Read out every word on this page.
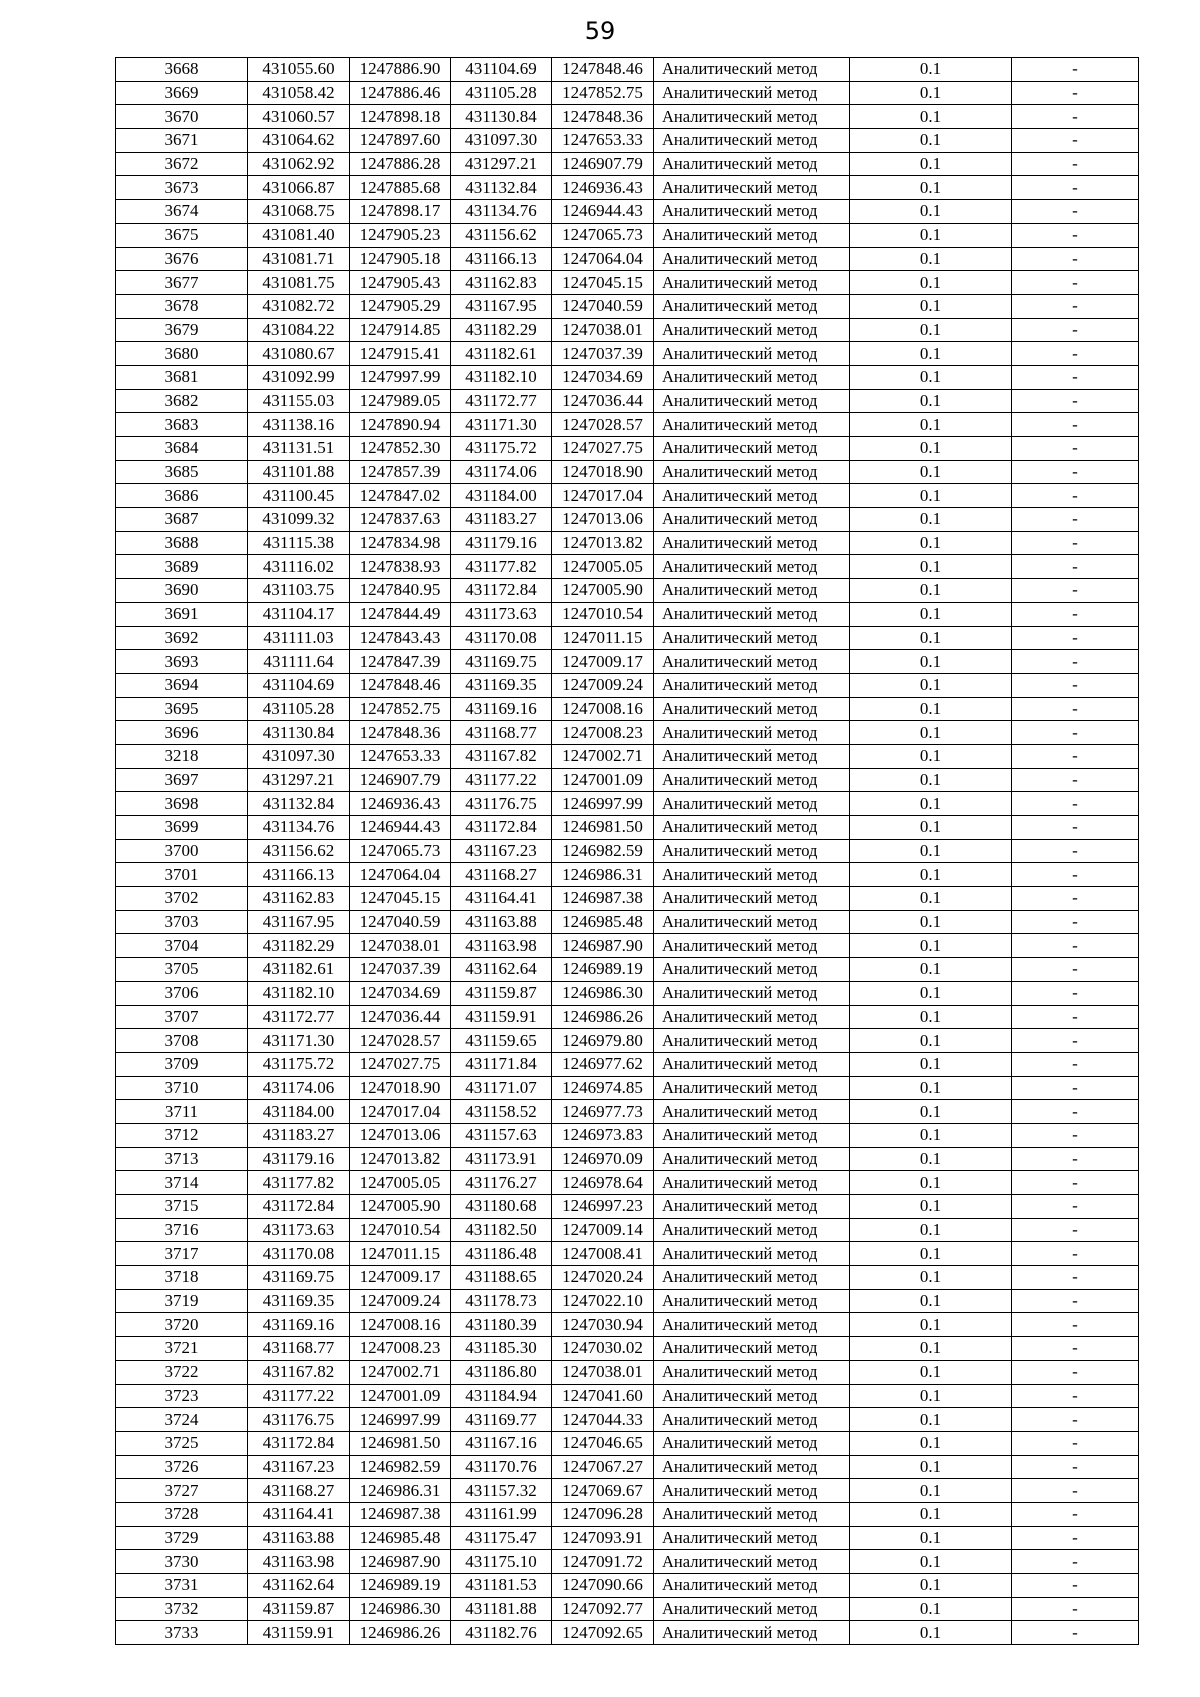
59
3668	431055.60	1247886.90	431104.69	1247848.46	Аналитический метод	0.1	-
3669	431058.42	1247886.46	431105.28	1247852.75	Аналитический метод	0.1	-
3670	431060.57	1247898.18	431130.84	1247848.36	Аналитический метод	0.1	-
3671	431064.62	1247897.60	431097.30	1247653.33	Аналитический метод	0.1	-
3672	431062.92	1247886.28	431297.21	1246907.79	Аналитический метод	0.1	-
3673	431066.87	1247885.68	431132.84	1246936.43	Аналитический метод	0.1	-
3674	431068.75	1247898.17	431134.76	1246944.43	Аналитический метод	0.1	-
3675	431081.40	1247905.23	431156.62	1247065.73	Аналитический метод	0.1	-
3676	431081.71	1247905.18	431166.13	1247064.04	Аналитический метод	0.1	-
3677	431081.75	1247905.43	431162.83	1247045.15	Аналитический метод	0.1	-
3678	431082.72	1247905.29	431167.95	1247040.59	Аналитический метод	0.1	-
3679	431084.22	1247914.85	431182.29	1247038.01	Аналитический метод	0.1	-
3680	431080.67	1247915.41	431182.61	1247037.39	Аналитический метод	0.1	-
3681	431092.99	1247997.99	431182.10	1247034.69	Аналитический метод	0.1	-
3682	431155.03	1247989.05	431172.77	1247036.44	Аналитический метод	0.1	-
3683	431138.16	1247890.94	431171.30	1247028.57	Аналитический метод	0.1	-
3684	431131.51	1247852.30	431175.72	1247027.75	Аналитический метод	0.1	-
3685	431101.88	1247857.39	431174.06	1247018.90	Аналитический метод	0.1	-
3686	431100.45	1247847.02	431184.00	1247017.04	Аналитический метод	0.1	-
3687	431099.32	1247837.63	431183.27	1247013.06	Аналитический метод	0.1	-
3688	431115.38	1247834.98	431179.16	1247013.82	Аналитический метод	0.1	-
3689	431116.02	1247838.93	431177.82	1247005.05	Аналитический метод	0.1	-
3690	431103.75	1247840.95	431172.84	1247005.90	Аналитический метод	0.1	-
3691	431104.17	1247844.49	431173.63	1247010.54	Аналитический метод	0.1	-
3692	431111.03	1247843.43	431170.08	1247011.15	Аналитический метод	0.1	-
3693	431111.64	1247847.39	431169.75	1247009.17	Аналитический метод	0.1	-
3694	431104.69	1247848.46	431169.35	1247009.24	Аналитический метод	0.1	-
3695	431105.28	1247852.75	431169.16	1247008.16	Аналитический метод	0.1	-
3696	431130.84	1247848.36	431168.77	1247008.23	Аналитический метод	0.1	-
3218	431097.30	1247653.33	431167.82	1247002.71	Аналитический метод	0.1	-
3697	431297.21	1246907.79	431177.22	1247001.09	Аналитический метод	0.1	-
3698	431132.84	1246936.43	431176.75	1246997.99	Аналитический метод	0.1	-
3699	431134.76	1246944.43	431172.84	1246981.50	Аналитический метод	0.1	-
3700	431156.62	1247065.73	431167.23	1246982.59	Аналитический метод	0.1	-
3701	431166.13	1247064.04	431168.27	1246986.31	Аналитический метод	0.1	-
3702	431162.83	1247045.15	431164.41	1246987.38	Аналитический метод	0.1	-
3703	431167.95	1247040.59	431163.88	1246985.48	Аналитический метод	0.1	-
3704	431182.29	1247038.01	431163.98	1246987.90	Аналитический метод	0.1	-
3705	431182.61	1247037.39	431162.64	1246989.19	Аналитический метод	0.1	-
3706	431182.10	1247034.69	431159.87	1246986.30	Аналитический метод	0.1	-
3707	431172.77	1247036.44	431159.91	1246986.26	Аналитический метод	0.1	-
3708	431171.30	1247028.57	431159.65	1246979.80	Аналитический метод	0.1	-
3709	431175.72	1247027.75	431171.84	1246977.62	Аналитический метод	0.1	-
3710	431174.06	1247018.90	431171.07	1246974.85	Аналитический метод	0.1	-
3711	431184.00	1247017.04	431158.52	1246977.73	Аналитический метод	0.1	-
3712	431183.27	1247013.06	431157.63	1246973.83	Аналитический метод	0.1	-
3713	431179.16	1247013.82	431173.91	1246970.09	Аналитический метод	0.1	-
3714	431177.82	1247005.05	431176.27	1246978.64	Аналитический метод	0.1	-
3715	431172.84	1247005.90	431180.68	1246997.23	Аналитический метод	0.1	-
3716	431173.63	1247010.54	431182.50	1247009.14	Аналитический метод	0.1	-
3717	431170.08	1247011.15	431186.48	1247008.41	Аналитический метод	0.1	-
3718	431169.75	1247009.17	431188.65	1247020.24	Аналитический метод	0.1	-
3719	431169.35	1247009.24	431178.73	1247022.10	Аналитический метод	0.1	-
3720	431169.16	1247008.16	431180.39	1247030.94	Аналитический метод	0.1	-
3721	431168.77	1247008.23	431185.30	1247030.02	Аналитический метод	0.1	-
3722	431167.82	1247002.71	431186.80	1247038.01	Аналитический метод	0.1	-
3723	431177.22	1247001.09	431184.94	1247041.60	Аналитический метод	0.1	-
3724	431176.75	1246997.99	431169.77	1247044.33	Аналитический метод	0.1	-
3725	431172.84	1246981.50	431167.16	1247046.65	Аналитический метод	0.1	-
3726	431167.23	1246982.59	431170.76	1247067.27	Аналитический метод	0.1	-
3727	431168.27	1246986.31	431157.32	1247069.67	Аналитический метод	0.1	-
3728	431164.41	1246987.38	431161.99	1247096.28	Аналитический метод	0.1	-
3729	431163.88	1246985.48	431175.47	1247093.91	Аналитический метод	0.1	-
3730	431163.98	1246987.90	431175.10	1247091.72	Аналитический метод	0.1	-
3731	431162.64	1246989.19	431181.53	1247090.66	Аналитический метод	0.1	-
3732	431159.87	1246986.30	431181.88	1247092.77	Аналитический метод	0.1	-
3733	431159.91	1246986.26	431182.76	1247092.65	Аналитический метод	0.1	-
